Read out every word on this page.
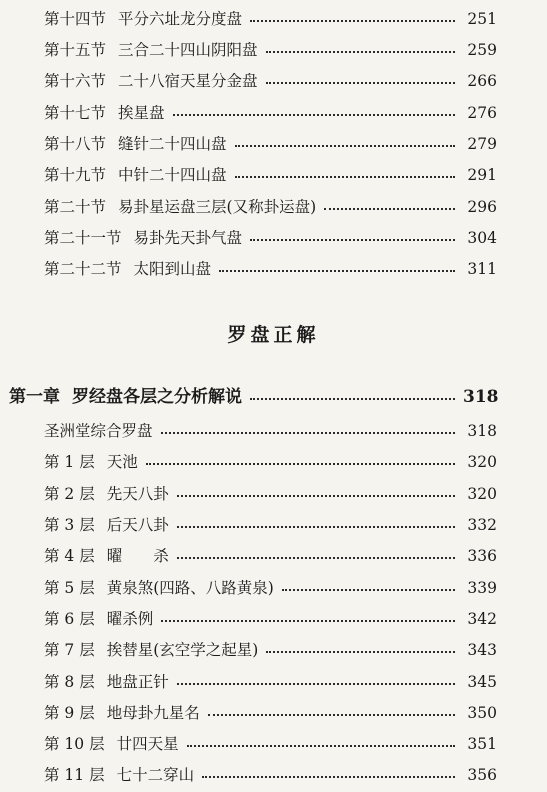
第十四节 平分六址龙分度盘	251
第十五节 三合二十四山阴阳盘	259
第十六节 二十八宿天星分金盘	266
第十七节 挨星盘	276
第十八节 缝针二十四山盘	279
第十九节 中针二十四山盘	291
第二十节 易卦星运盘三层(又称卦运盘)	296
第二十一节 易卦先天卦气盘	304
第二十二节 太阳到山盘	311
罗盘正解
第一章 罗经盘各层之分析解说	318
圣洲堂综合罗盘	318
第 1 层 天池	320
第 2 层 先天八卦	320
第 3 层 后天八卦	332
第 4 层 曜　　杀	336
第 5 层 黄泉煞(四路、八路黄泉)	339
第 6 层 曜杀例	342
第 7 层 挨替星(玄空学之起星)	343
第 8 层 地盘正针	345
第 9 层 地母卦九星名	350
第 10 层 廿四天星	351
第 11 层 七十二穿山	356
